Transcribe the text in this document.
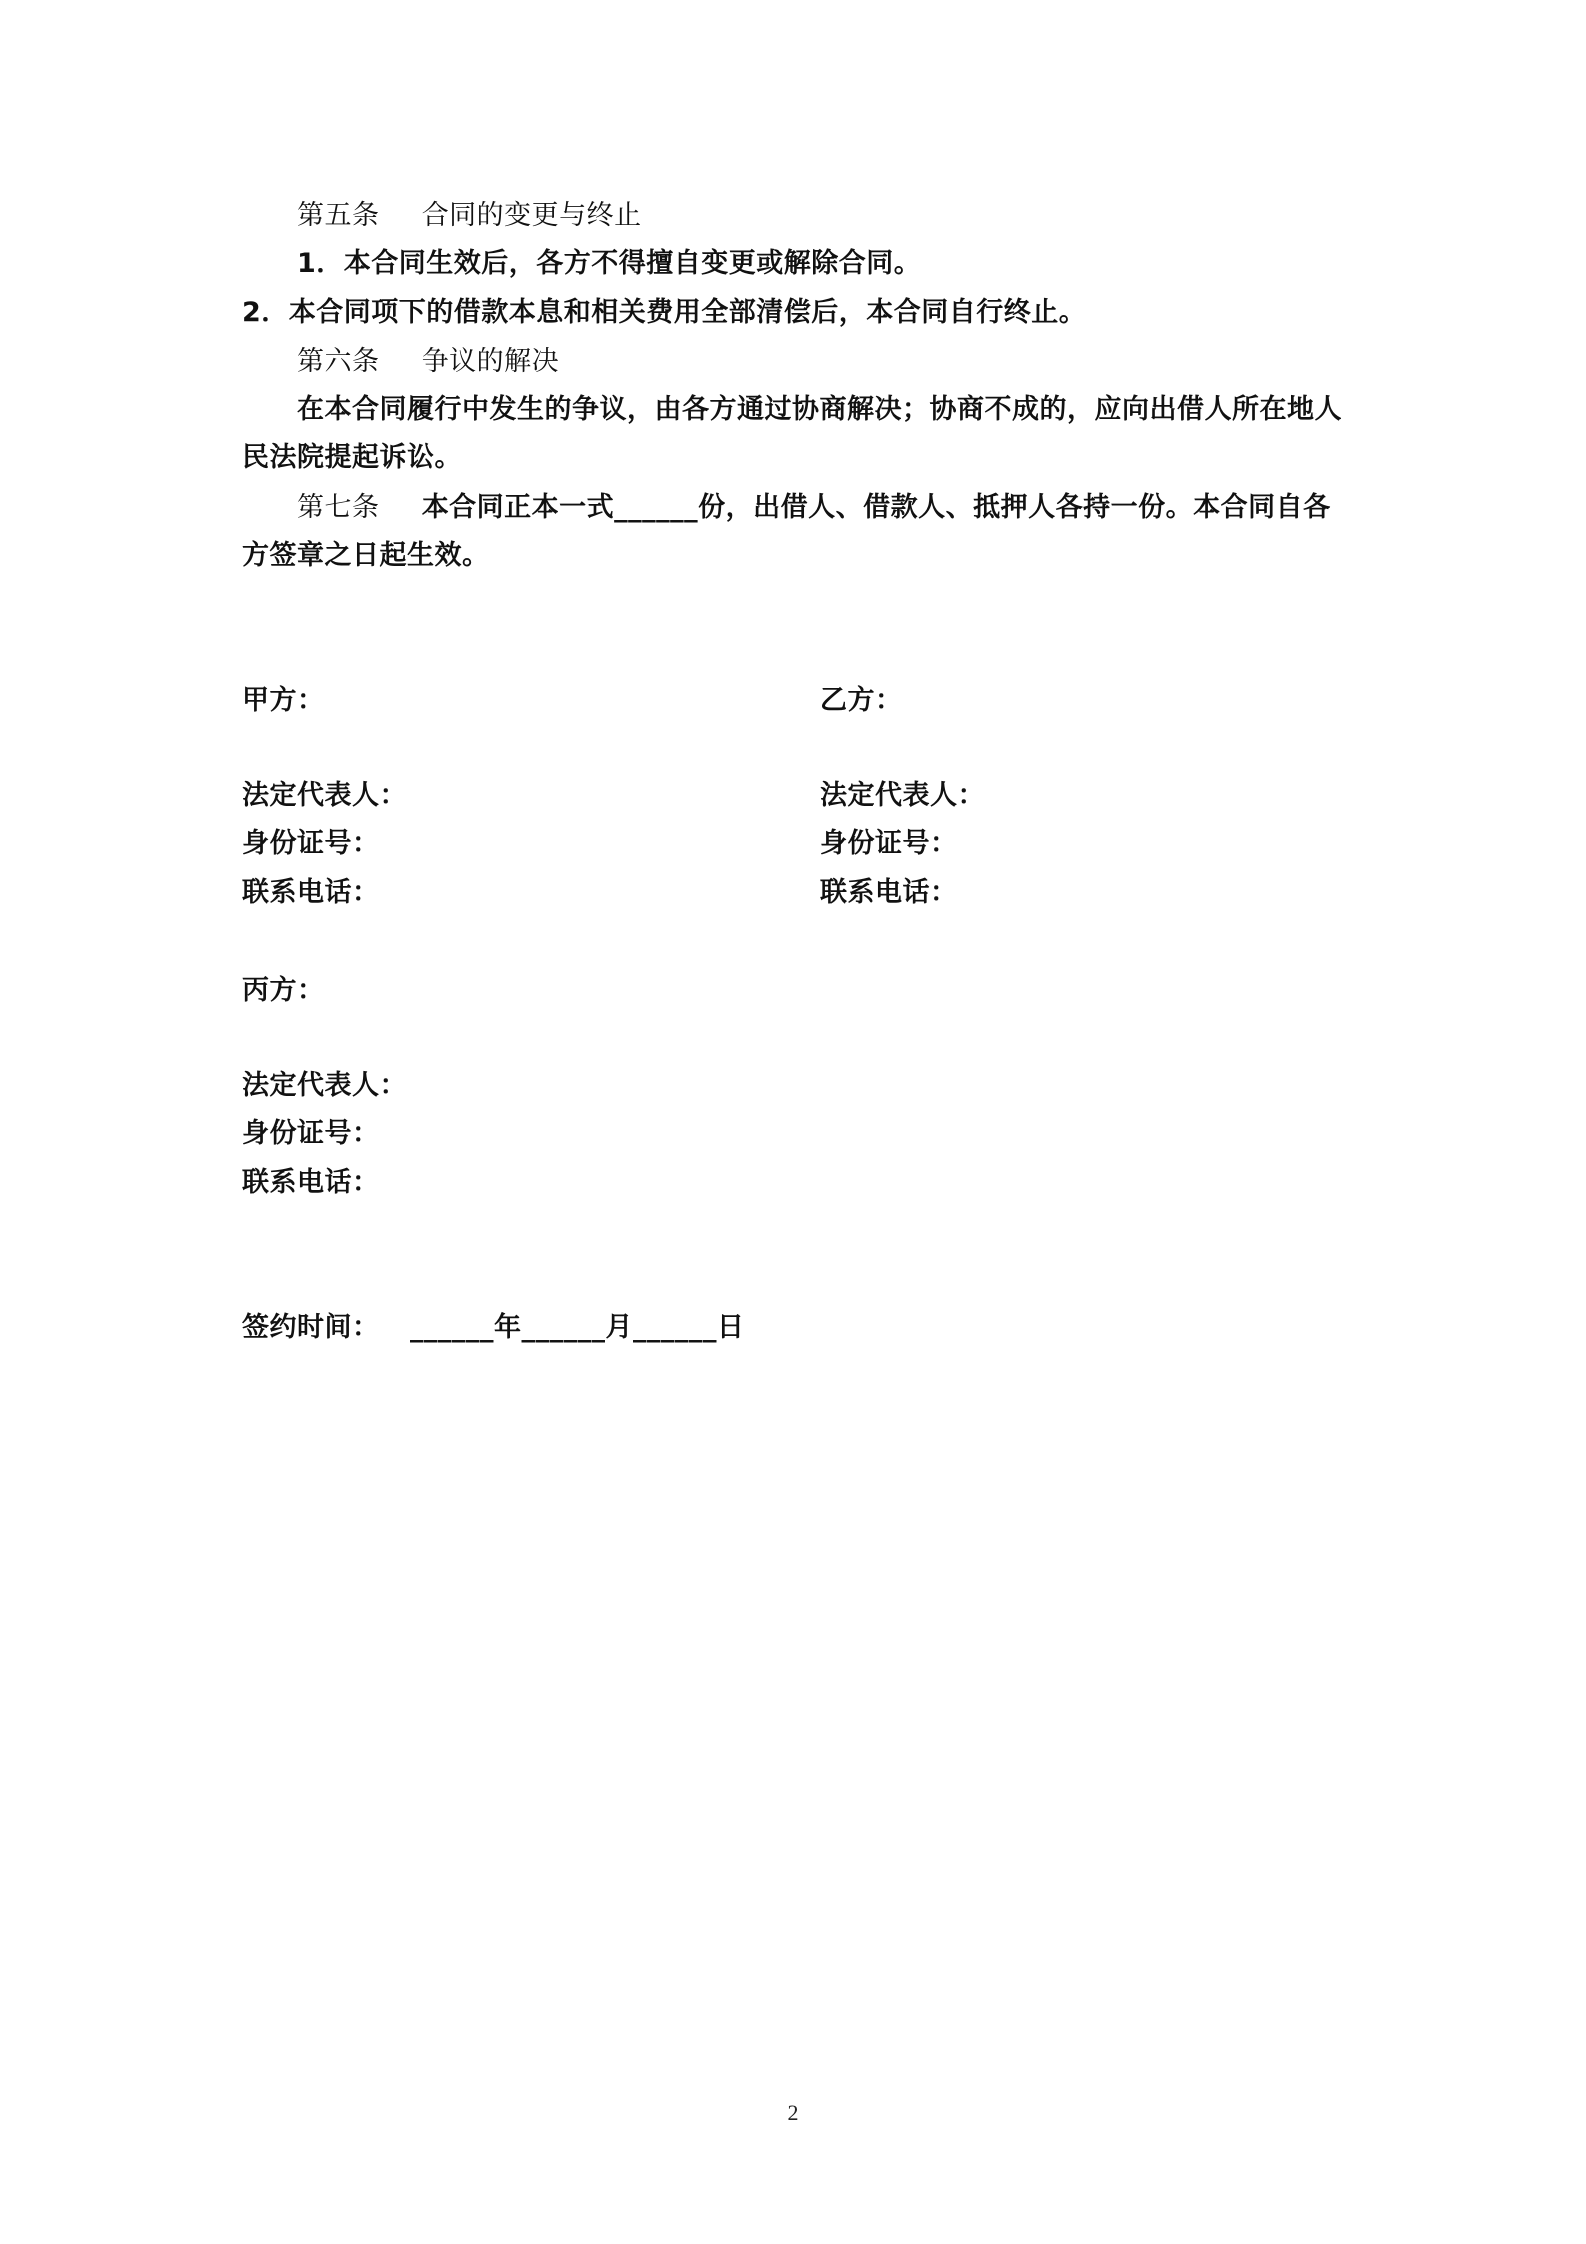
第五条 合同的变更与终止
1．本合同生效后，各方不得擅自变更或解除合同。
2．本合同项下的借款本息和相关费用全部清偿后，本合同自行终止。
第六条 争议的解决
在本合同履行中发生的争议，由各方通过协商解决；协商不成的，应向出借人所在地人
民法院提起诉讼。
第七条 本合同正本一式______份，出借人、借款人、抵押人各持一份。本合同自各
方签章之日起生效。
甲方：
法定代表人：
身份证号：
联系电话：
乙方：
法定代表人：
身份证号：
联系电话：
丙方：
法定代表人：
身份证号：
联系电话：
签约时间： ______年______月______日
2
